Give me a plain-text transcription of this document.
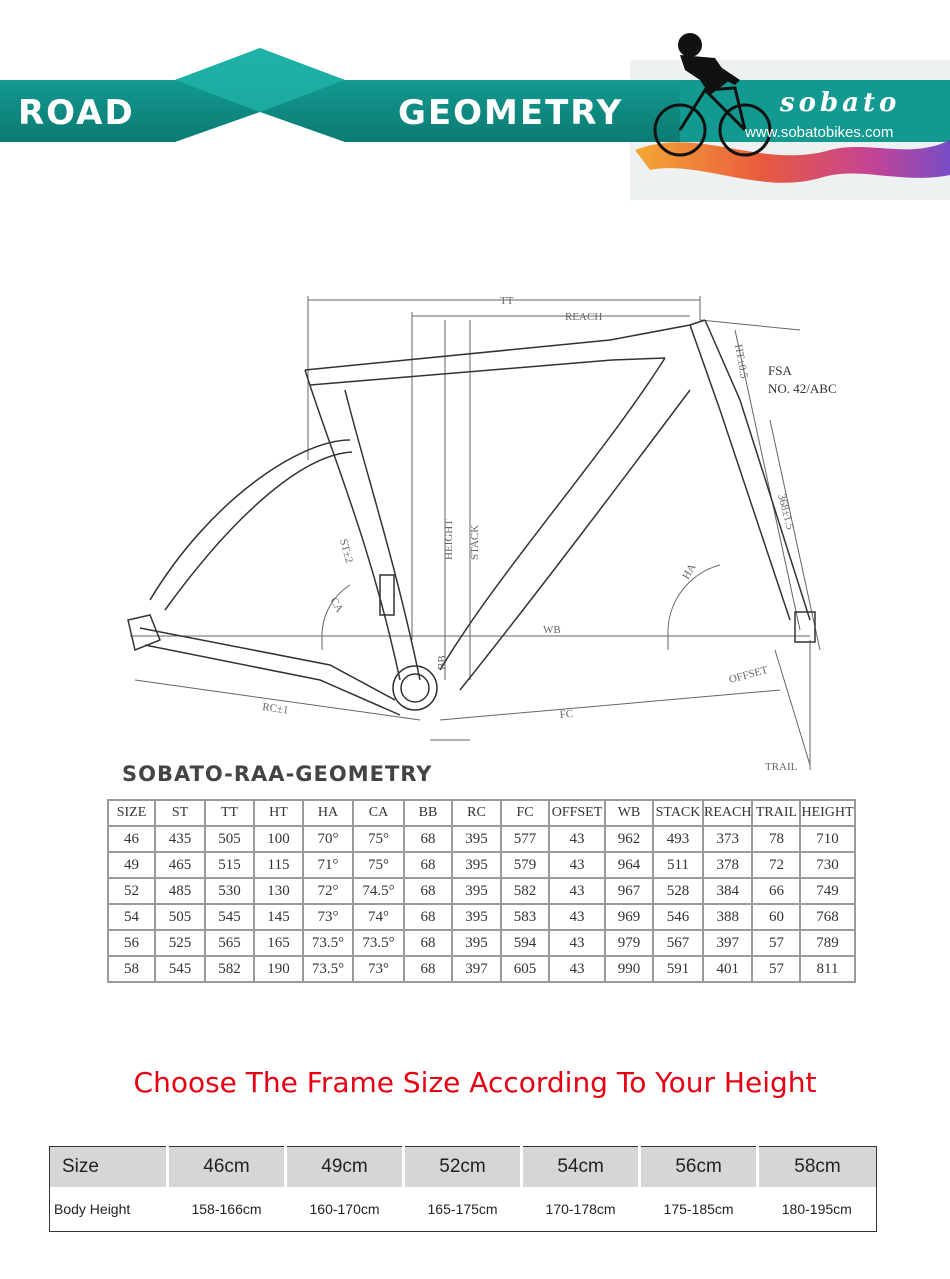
ROAD	GEOMETRY	sobato
www.sobatobikes.com
TT
REACH
HT±0.5 FSA
NO. 42/ABC
368±1.5
HEIGHT STACK
ST±2
CA
HA
WB
BB
OFFSET
RC±1	FC
TRAIL
SOBATO-RAA-GEOMETRY
SIZE	ST	TT	HT	HA	CA	BB	RC	FC	OFFSET	WB	STACK	REACH	TRAIL	HEIGHT
46	435	505	100	70°	75°	68	395	577	43	962	493	373	78	710
49	465	515	115	71°	75°	68	395	579	43	964	511	378	72	730
52	485	530	130	72°	74.5°	68	395	582	43	967	528	384	66	749
54	505	545	145	73°	74°	68	395	583	43	969	546	388	60	768
56	525	565	165	73.5°	73.5°	68	395	594	43	979	567	397	57	789
58	545	582	190	73.5°	73°	68	397	605	43	990	591	401	57	811
Choose The Frame Size According To Your Height
Size	46cm	49cm	52cm	54cm	56cm	58cm
Body Height	158-166cm	160-170cm	165-175cm	170-178cm	175-185cm	180-195cm
